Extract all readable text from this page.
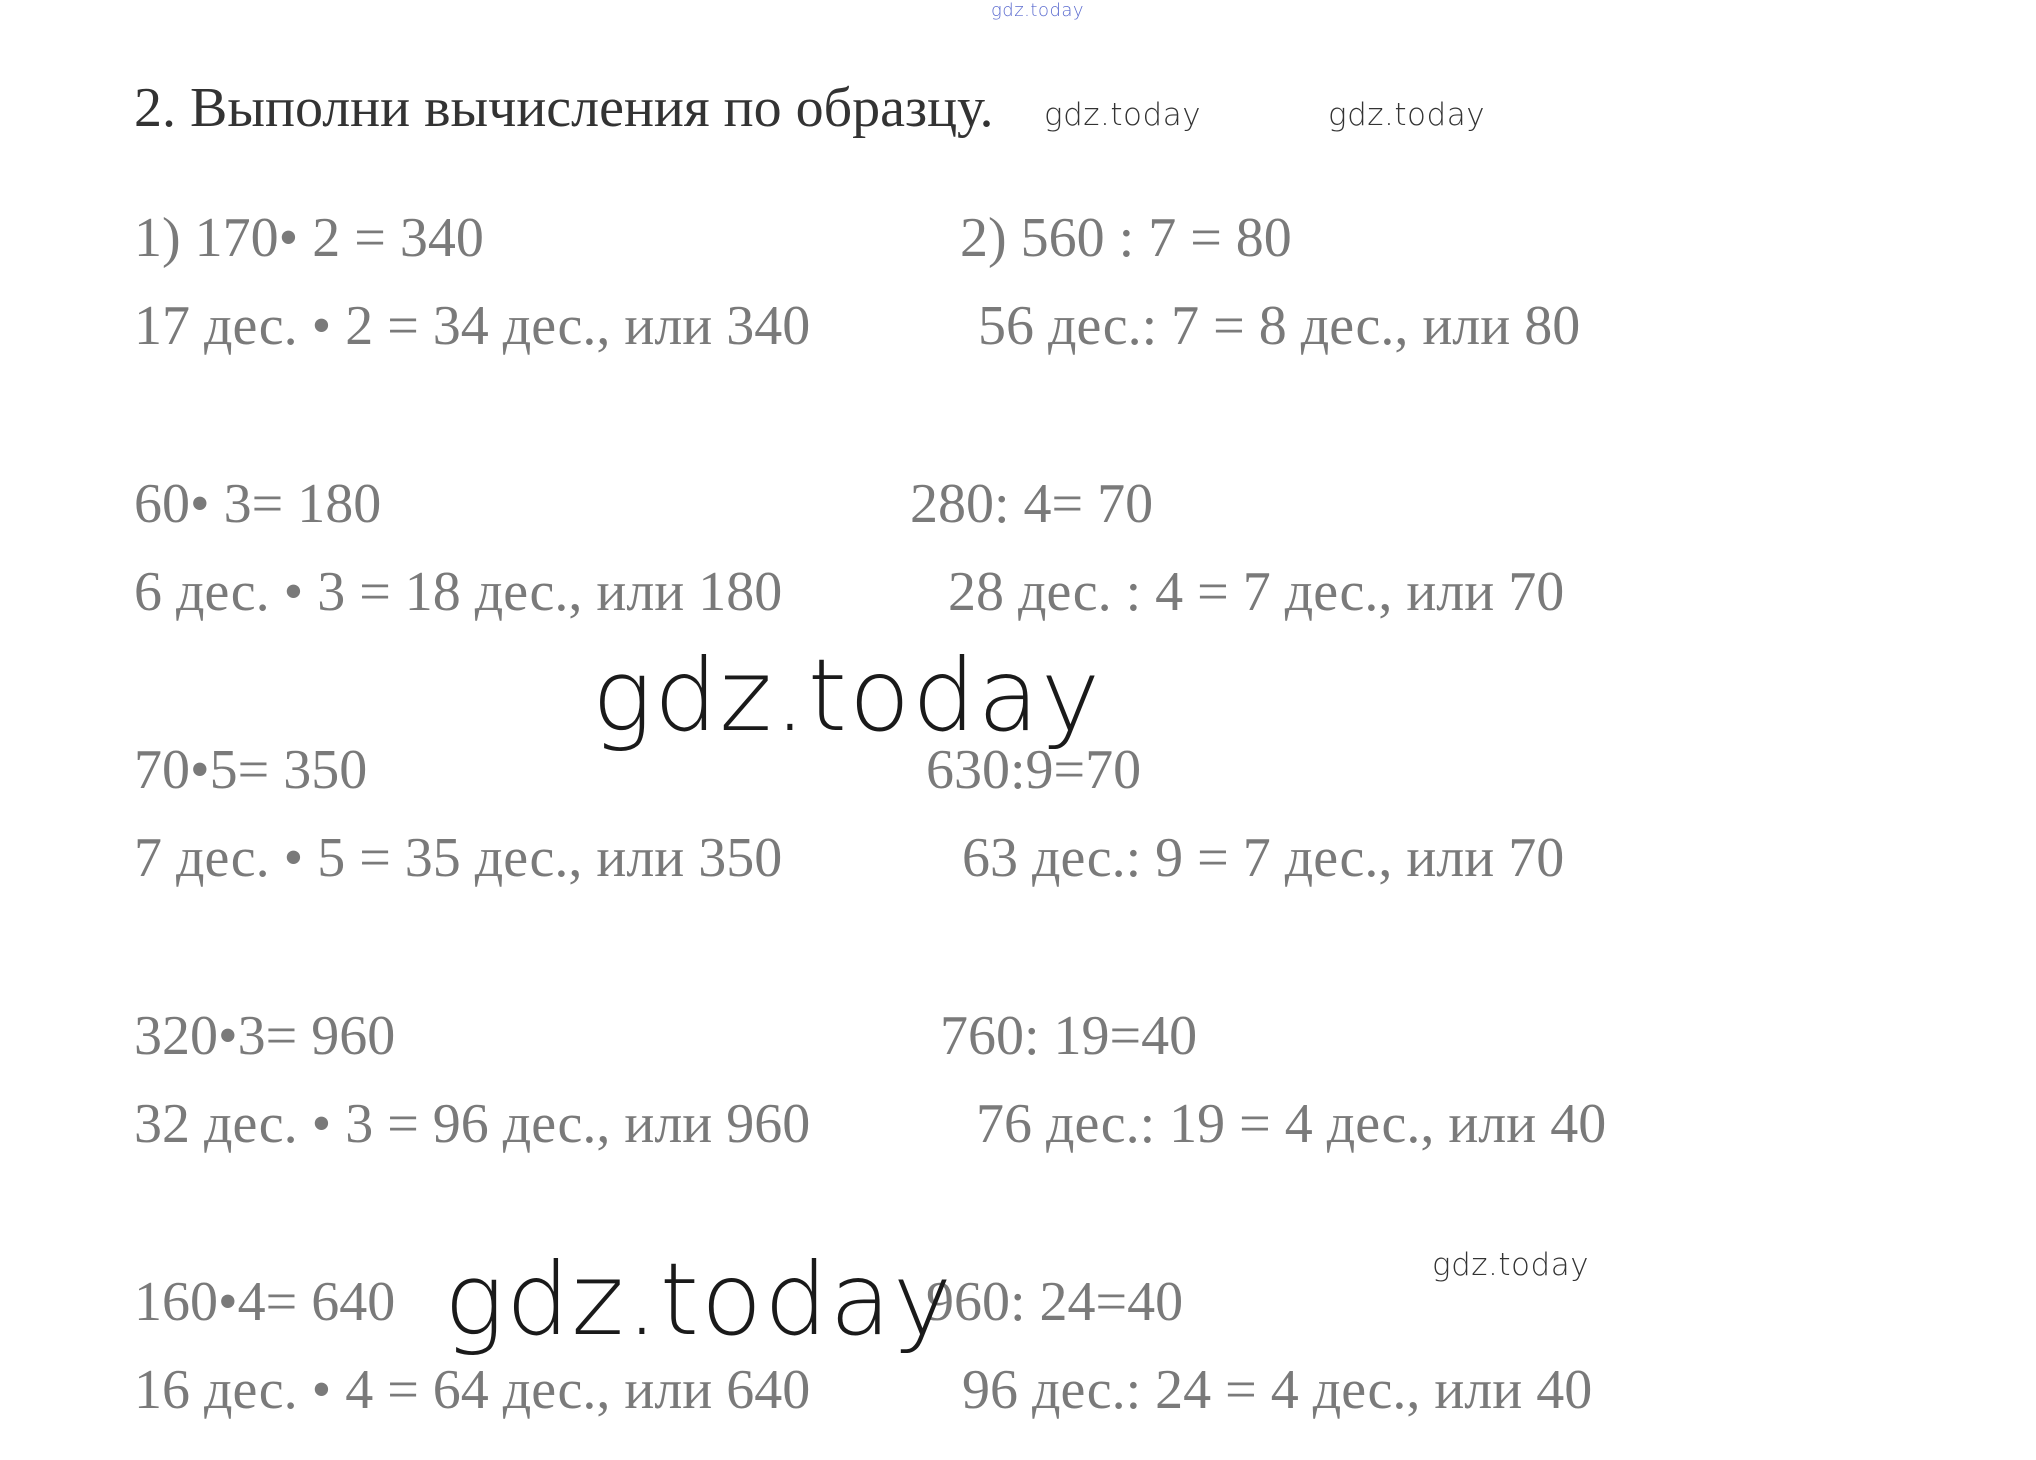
gdz.today
2. Выполни вычисления по образцу. gdz.today	gdz.today
1) 170• 2 = 340
17 дес. • 2 = 34 дес., или 340
2) 560 : 7 = 80
56 дес.: 7 = 8 дес., или 80
60• 3= 180
6 дес. • 3 = 18 дес., или 180
280: 4= 70
28 дес. : 4 = 7 дес., или 70
gdz.today
70•5= 350
7 дес. • 5 = 35 дес., или 350
630:9=70
63 дес.: 9 = 7 дес., или 70
320•3= 960
32 дес. • 3 = 96 дес., или 960
760: 19=40
76 дес.: 19 = 4 дес., или 40
160•4= 640
16 дес. • 4 = 64 дес., или 640
960: 24=40
96 дес.: 24 = 4 дес., или 40
gdz.today	gdz.today
